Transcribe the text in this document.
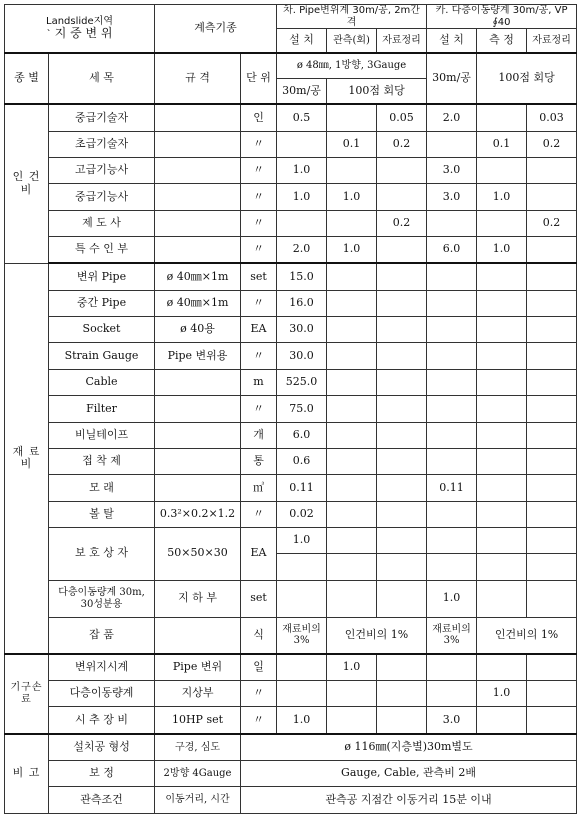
Landslide지역
` 지 중 변 위		계측기종		차. Pipe변위계 30m/공, 2m간격			카. 다층이동량계 30m/공, VP ∮40		
				설 치	관측(회)	자료정리	설 치	측 정	자료정리
종 별	세 목	규 격	단 위	ø 48㎜, 1방향, 3Gauge			30m/공	100점 회당	
				30m/공	100점 회당				
인 건 비	중급기술자		인	0.5		0.05	2.0		0.03
	초급기술자		〃		0.1	0.2		0.1	0.2
	고급기능사		〃	1.0			3.0		
	중급기능사		〃	1.0	1.0		3.0	1.0	
	제 도 사		〃			0.2			0.2
	특 수 인 부		〃	2.0	1.0		6.0	1.0	
재 료 비	변위 Pipe	ø 40㎜×1m	set	15.0					
	중간 Pipe	ø 40㎜×1m	〃	16.0					
	Socket	ø 40용	EA	30.0					
	Strain Gauge	Pipe 변위용	〃	30.0					
	Cable		m	525.0					
	Filter		〃	75.0					
	비닐테이프		개	6.0					
	접 착 제		통	0.6					
	모 래		㎥	0.11			0.11		
	볼 탈	0.3²×0.2×1.2	〃	0.02					
	보 호 상 자	50×50×30	EA	1.0					

	다층이동량계 30m, 30성분용	지 하 부	set				1.0		
	잡 품		식	재료비의 3%	인건비의 1%		재료비의 3%	인건비의 1%	
기구손료	변위지시계	Pipe 변위	일		1.0				
	다층이동량계	지상부	〃					1.0	
	시 추 장 비	10HP set	〃	1.0			3.0		
비 고	설치공 형성	구경, 심도	ø 116㎜(지층별)30m별도						
	보 정	2방향 4Gauge	Gauge, Cable, 관측비 2배						
	관측조건	이동거리, 시간	관측공 지점간 이동거리 15분 이내						
